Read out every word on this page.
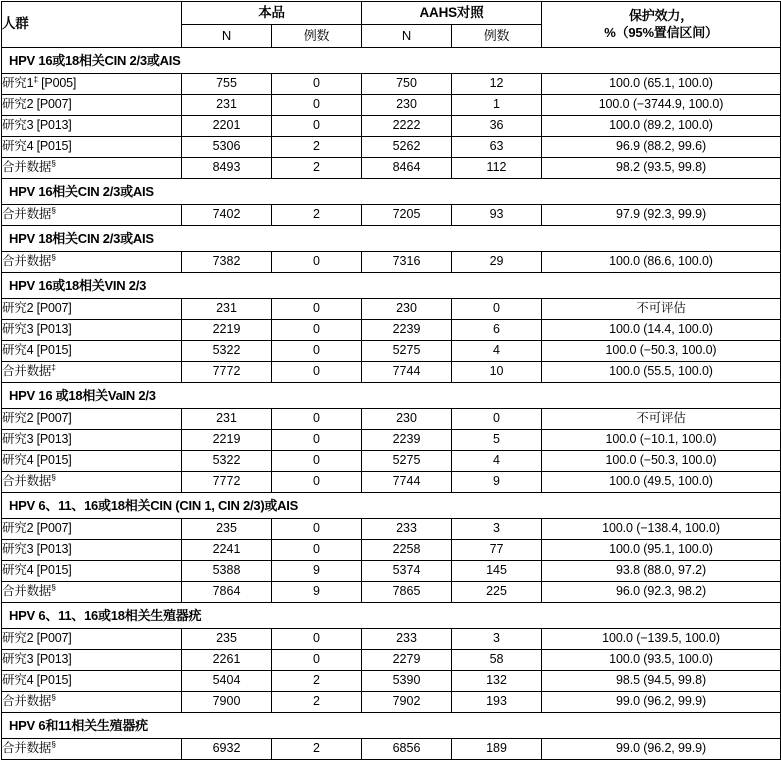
人群	本品		AAHS对照		保护效力，
%（95%置信区间）

	N	例数	N	例数	
HPV 16或18相关CIN 2/3或AIS					
研究1‡ [P005]	755	0	750	12	100.0 (65.1, 100.0)
研究2 [P007]	231	0	230	1	100.0 (−3744.9, 100.0)
研究3 [P013]	2201	0	2222	36	100.0 (89.2, 100.0)
研究4 [P015]	5306	2	5262	63	96.9 (88.2, 99.6)
合并数据§	8493	2	8464	112	98.2 (93.5, 99.8)
HPV 16相关CIN 2/3或AIS					
合并数据§	7402	2	7205	93	97.9 (92.3, 99.9)
HPV 18相关CIN 2/3或AIS					
合并数据§	7382	0	7316	29	100.0 (86.6, 100.0)
HPV 16或18相关VIN 2/3					
研究2 [P007]	231	0	230	0	不可评估
研究3 [P013]	2219	0	2239	6	100.0 (14.4, 100.0)
研究4 [P015]	5322	0	5275	4	100.0 (−50.3, 100.0)
合并数据‡	7772	0	7744	10	100.0 (55.5, 100.0)
HPV 16 或18相关VaIN 2/3					
研究2 [P007]	231	0	230	0	不可评估
研究3 [P013]	2219	0	2239	5	100.0 (−10.1, 100.0)
研究4 [P015]	5322	0	5275	4	100.0 (−50.3, 100.0)
合并数据§	7772	0	7744	9	100.0 (49.5, 100.0)
HPV 6、11、16或18相关CIN (CIN 1, CIN 2/3)或AIS					
研究2 [P007]	235	0	233	3	100.0 (−138.4, 100.0)
研究3 [P013]	2241	0	2258	77	100.0 (95.1, 100.0)
研究4 [P015]	5388	9	5374	145	93.8 (88.0, 97.2)
合并数据§	7864	9	7865	225	96.0 (92.3, 98.2)
HPV 6、11、16或18相关生殖器疣					
研究2 [P007]	235	0	233	3	100.0 (−139.5, 100.0)
研究3 [P013]	2261	0	2279	58	100.0 (93.5, 100.0)
研究4 [P015]	5404	2	5390	132	98.5 (94.5, 99.8)
合并数据§	7900	2	7902	193	99.0 (96.2, 99.9)
HPV 6和11相关生殖器疣					
合并数据§	6932	2	6856	189	99.0 (96.2, 99.9)
